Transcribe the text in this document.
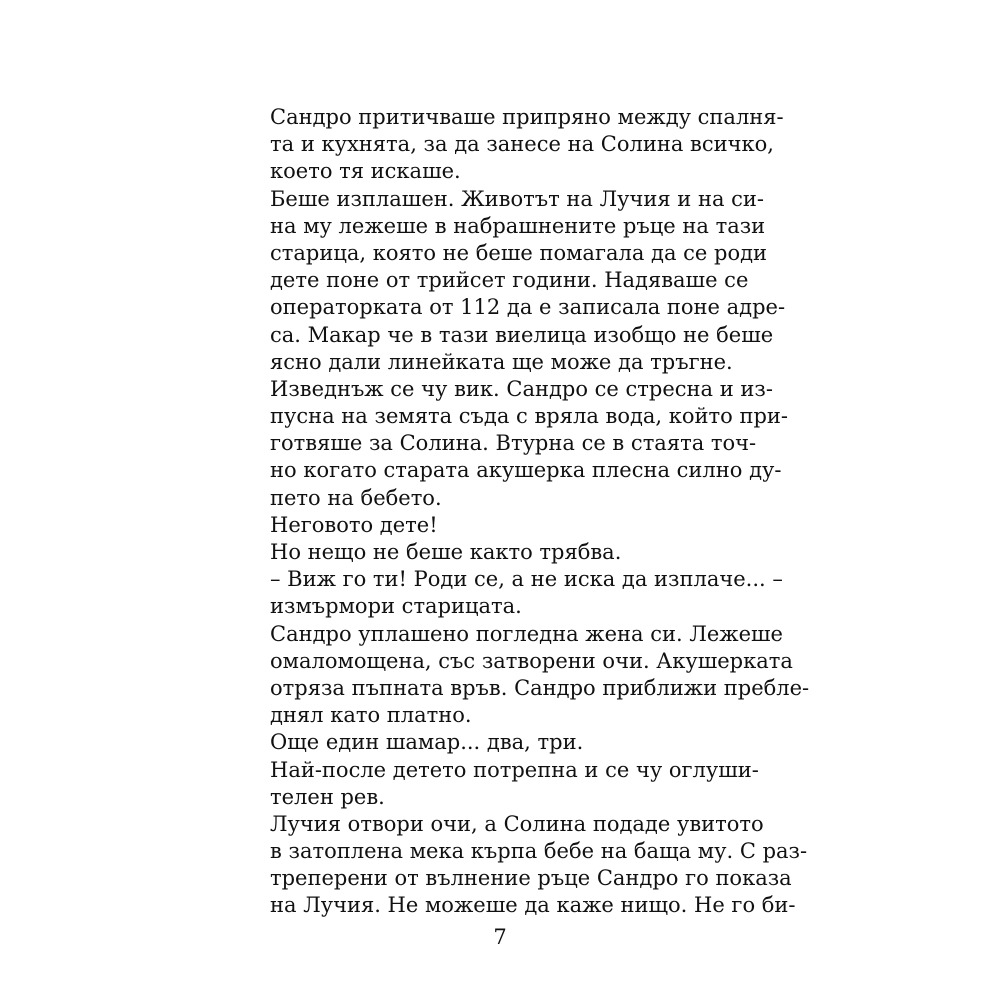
Сандро притичваше припряно между спалня-
та и кухнята, за да занесе на Солина всичко,
което тя искаше.
Беше изплашен. Животът на Лучия и на си-
на му лежеше в набрашнените ръце на тази
старица, която не беше помагала да се роди
дете поне от трийсет години. Надяваше се
операторката от 112 да е записала поне адре-
са. Макар че в тази виелица изобщо не беше
ясно дали линейката ще може да тръгне.
Изведнъж се чу вик. Сандро се стресна и из-
пусна на земята съда с вряла вода, който при-
готвяше за Солина. Втурна се в стаята точ-
но когато старата акушерка плесна силно ду-
пето на бебето.
Неговото дете!
Но нещо не беше както трябва.
– Виж го ти! Роди се, а не иска да изплаче... –
измърмори старицата.
Сандро уплашено погледна жена си. Лежеше
омаломощена, със затворени очи. Акушерката
отряза пъпната връв. Сандро приближи пребле-
днял като платно.
Още един шамар... два, три.
Най-после детето потрепна и се чу оглуши-
телен рев.
Лучия отвори очи, а Солина подаде увитото
в затоплена мека кърпа бебе на баща му. С раз-
треперени от вълнение ръце Сандро го показа
на Лучия. Не можеше да каже нищо. Не го би-
7
